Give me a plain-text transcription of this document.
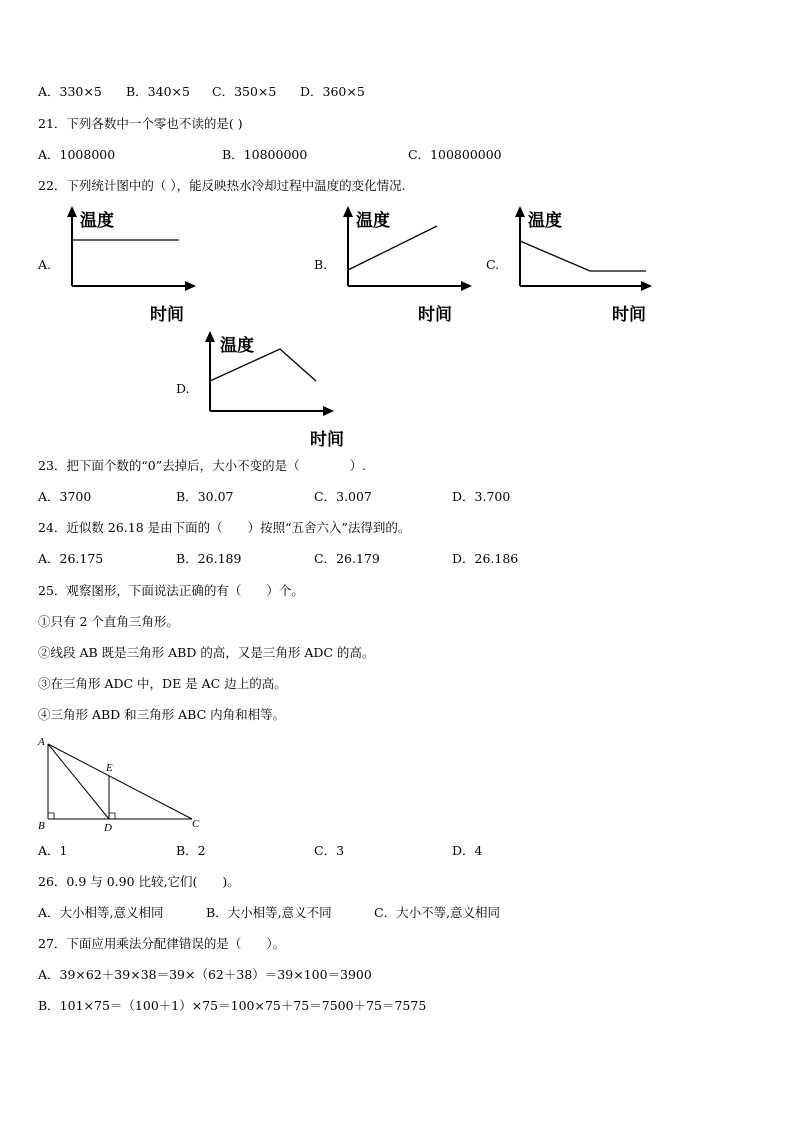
A．330×5 B．340×5 C．350×5 D．360×5
21．下列各数中一个零也不读的是( )
A．1008000	B．10800000	C．100800000
22．下列统计图中的（ ），能反映热水冷却过程中温度的变化情况.
A.
温度
时间
B.
温度
时间
C.
温度
时间
D.
温度
时间
23．把下面个数的“0”去掉后，大小不变的是（　　　　）.
A．3700	B．30.07	C．3.007	D．3.700
24．近似数 26.18 是由下面的（　　）按照“五舍六入”法得到的。
A．26.175	B．26.189	C．26.179	D．26.186
25．观察图形，下面说法正确的有（　　）个。
①只有 2 个直角三角形。
②线段 AB 既是三角形 ABD 的高，又是三角形 ADC 的高。
③在三角形 ADC 中，DE 是 AC 边上的高。
④三角形 ABD 和三角形 ABC 内角和相等。
A
E
B	D	C
A．1	B．2	C．3	D．4
26．0.9 与 0.90 比较,它们(　　)。
A．大小相等,意义相同	B．大小相等,意义不同	C．大小不等,意义相同
27．下面应用乘法分配律错误的是（　　）。
A．39×62＋39×38＝39×（62＋38）＝39×100＝3900
B．101×75＝（100＋1）×75＝100×75＋75＝7500＋75＝7575
